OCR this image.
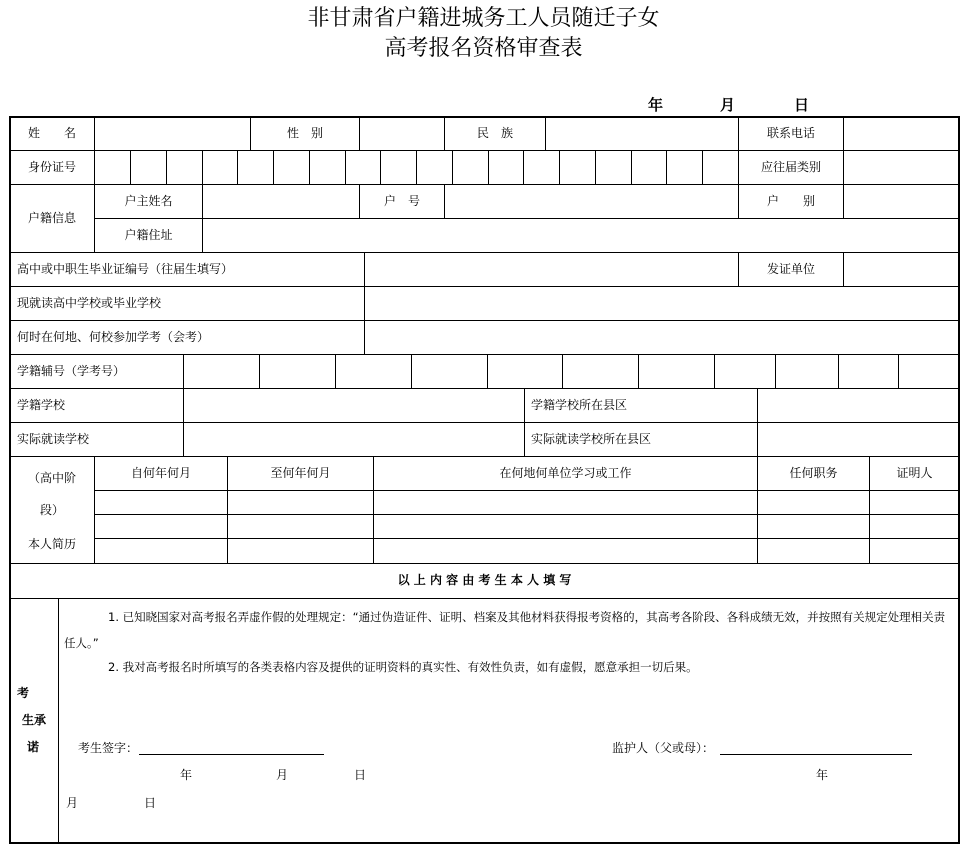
非甘肃省户籍进城务工人员随迁子女
高考报名资格审查表
年	月	日
姓　　名	性　别	民　族	联系电话
身份证号	应往届类别
户籍信息
户主姓名	户　号	户　　别
户籍住址
高中或中职生毕业证编号（往届生填写）	发证单位
现就读高中学校或毕业学校
何时在何地、何校参加学考（会考）
学籍辅号（学考号）
学籍学校	学籍学校所在县区
实际就读学校	实际就读学校所在县区
（高中阶
段）
本人简历
自何年何月	至何年何月	在何地何单位学习或工作	任何职务	证明人
以 上 内 容 由 考 生 本 人 填 写
考
生承
诺
1. 已知晓国家对高考报名弄虚作假的处理规定：“通过伪造证件、证明、档案及其他材料获得报考资格的，其高考各阶段、各科成绩无效，并按照有关规定处理相关责任人。”
2. 我对高考报名时所填写的各类表格内容及提供的证明资料的真实性、有效性负责，如有虚假，愿意承担一切后果。
考生签字：	监护人（父或母）：
年	月	日	年
月	日
